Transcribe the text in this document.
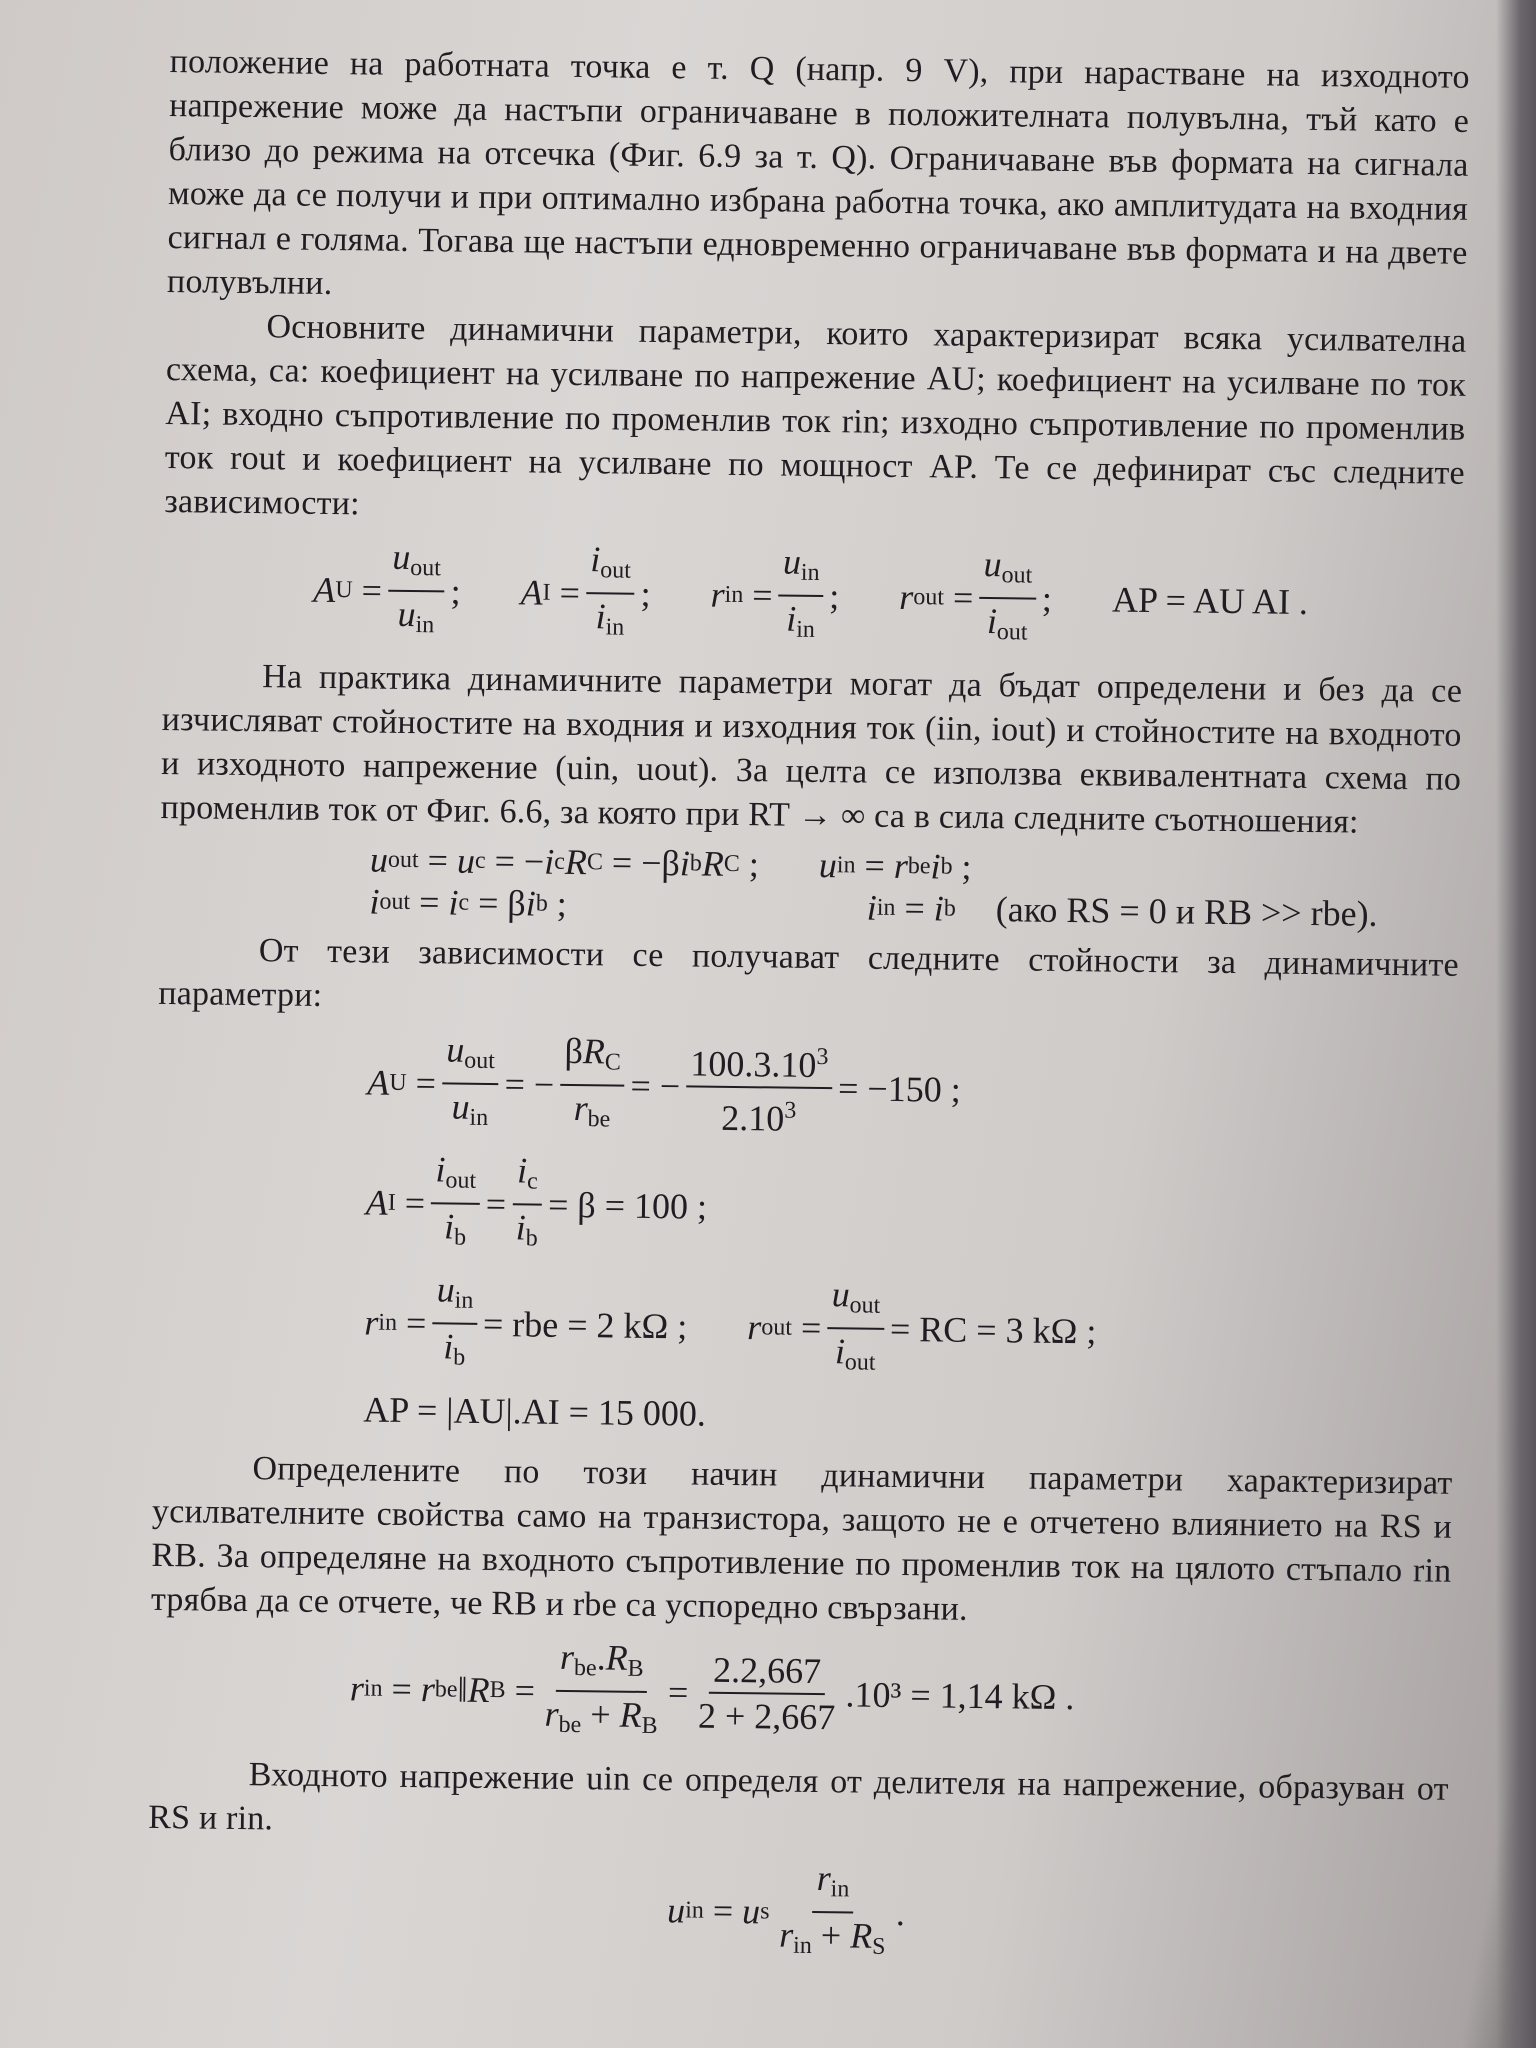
положение на работната точка е т. Q (напр. 9 V), при нарастване на изходното напрежение може да настъпи ограничаване в положителната полувълна, тъй като е близо до режима на отсечка (Фиг. 6.9 за т. Q). Ограничаване във формата на сигнала може да се получи и при оптимално избрана работна точка, ако амплитудата на входния сигнал е голяма. Тогава ще настъпи едновременно ограничаване във формата и на двете полувълни.

Основните динамични параметри, които характеризират всяка усилвателна схема, са: коефициент на усилване по напрежение AU; коефициент на усилване по ток AI; входно съпротивление по променлив ток rin; изходно съпротивление по променлив ток rout и коефициент на усилване по мощност AP. Те се дефинират със следните зависимости:

A $U = \frac{u_{out}}{u_{in}}$ ; A $I = \frac{i_{out}}{i_{in}}$ ; r in = $\frac{u_{in}}{i_{in}}$ ; r out = $\frac{u_{out}}{i_{out}}$ ; AP = AU AI .

На практика динамичните параметри могат да бъдат определени и без да се изчисляват стойностите на входния и изходния ток (iin, iout) и стойностите на входното и изходното напрежение (uin, uout). За целта се използва еквивалентната схема по променлив ток от Фиг. 6.6, за която при RT → ∞ са в сила следните съотношения:

u out = u c = − i c R C = −β i b R C ; u in = r be i b ;
i out = i c = β i b ;	i in = i b (ако RS = 0 и RB >> rbe).

От тези зависимости се получават следните стойности за динамичните параметри:

A $U = \frac{u_{out}}{u_{in}}$ = − $\frac{\beta R_C}{r_{be}}$ = − $\frac{100.3.10^3}{2.10^3} = -150$ ;
A $I = \frac{i_{out}}{i_b} = \frac{i_c}{i_b} = \beta = 100$ ;
r in = $\frac{u_{in}}{i_b}$ = rbe = 2 kΩ ; r out = $\frac{u_{out}}{i_{out}}$ = RC = 3 kΩ ;
AP = |AU|.AI = 15 000.

Определените по този начин динамични параметри характеризират усилвателните свойства само на транзистора, защото не е отчетено влиянието на RS и RB. За определяне на входното съпротивление по променлив ток на цялото стъпало rin трябва да се отчете, че RB и rbe са успоредно свързани.

r in = r be ‖ R $B = \frac{r_{be}.R_B}{r_{be} + R_B} = \frac{2.2,667}{2 + 2,667} .10^3 = 1,14$ kΩ .

Входното напрежение uin се определя от делителя на напрежение, образуван от RS и rin.

u in = u s $\frac{r_{in}}{r_{in} + R_S}$ .
